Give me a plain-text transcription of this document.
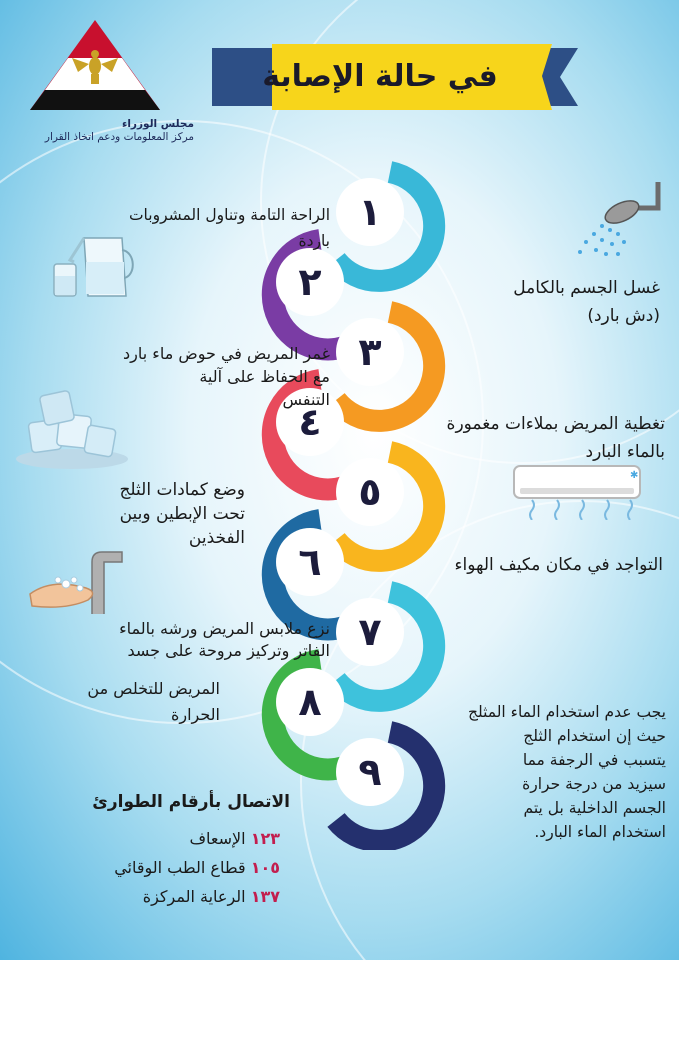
مجلس الوزراء
مركز المعلومات ودعم اتخاذ القرار
في حالة الإصابة
١
٢
٣
٤
٥
٦
٧
٨
٩
الراحة التامة وتناول المشروبات
باردة
غسل الجسم بالكامل
(دش بارد)
غمر المريض في حوض ماء بارد
مع الحفاظ على آلية
التنفس
تغطية المريض بملاءات مغمورة
بالماء البارد
وضع كمادات الثلج
تحت الإبطين وبين
الفخذين
التواجد في مكان مكيف الهواء
نزع ملابس المريض ورشه بالماء
الفاتر وتركيز مروحة على جسد
المريض للتخلص من
الحرارة	يجب عدم استخدام الماء المثلج
حيث إن استخدام الثلج
يتسبب في الرجفة مما
سيزيد من درجة حرارة
الجسم الداخلية بل يتم
استخدام الماء البارد.
الاتصال بأرقام الطوارئ
١٢٣ الإسعاف
١٠٥ قطاع الطب الوقائي
١٣٧ الرعاية المركزة
✱
